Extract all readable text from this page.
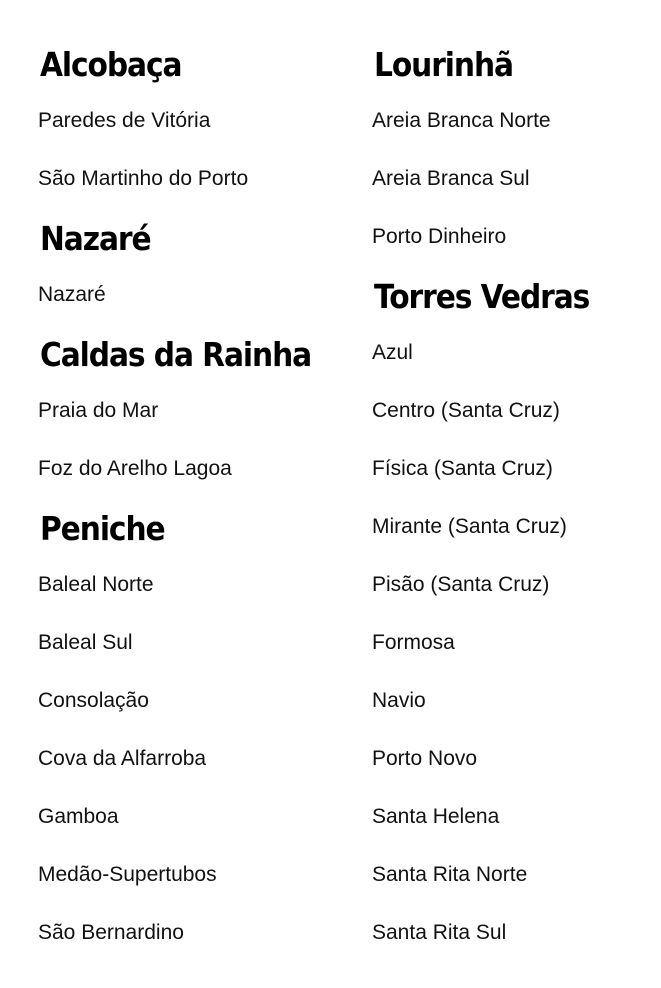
Alcobaça

Paredes de Vitória

São Martinho do Porto

Nazaré

Nazaré

Caldas da Rainha

Praia do Mar

Foz do Arelho Lagoa

Peniche

Baleal Norte

Baleal Sul

Consolação

Cova da Alfarroba

Gamboa

Medão-Supertubos

São Bernardino

Lourinhã

Areia Branca Norte

Areia Branca Sul

Porto Dinheiro

Torres Vedras

Azul

Centro (Santa Cruz)

Física (Santa Cruz)

Mirante (Santa Cruz)

Pisão (Santa Cruz)

Formosa

Navio

Porto Novo

Santa Helena

Santa Rita Norte

Santa Rita Sul
